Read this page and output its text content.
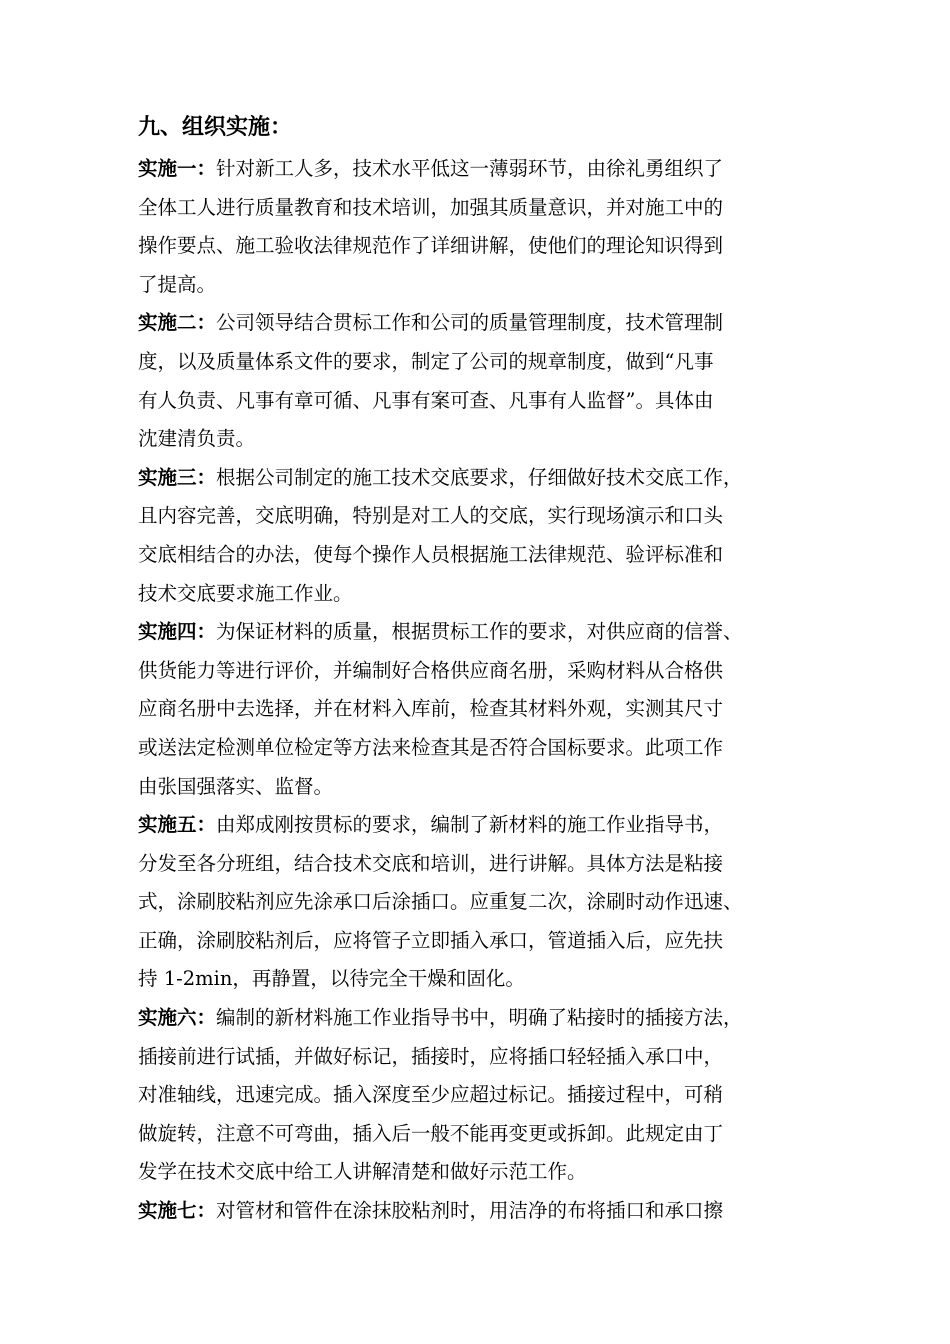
九、组织实施：

实施一：针对新工人多，技术水平低这一薄弱环节，由徐礼勇组织了
全体工人进行质量教育和技术培训，加强其质量意识，并对施工中的
操作要点、施工验收法律规范作了详细讲解，使他们的理论知识得到
了提高。

实施二：公司领导结合贯标工作和公司的质量管理制度，技术管理制
度，以及质量体系文件的要求，制定了公司的规章制度，做到“凡事
有人负责、凡事有章可循、凡事有案可查、凡事有人监督”。具体由
沈建清负责。

实施三：根据公司制定的施工技术交底要求，仔细做好技术交底工作，
且内容完善，交底明确，特别是对工人的交底，实行现场演示和口头
交底相结合的办法，使每个操作人员根据施工法律规范、验评标准和
技术交底要求施工作业。

实施四：为保证材料的质量，根据贯标工作的要求，对供应商的信誉、
供货能力等进行评价，并编制好合格供应商名册，采购材料从合格供
应商名册中去选择，并在材料入库前，检查其材料外观，实测其尺寸
或送法定检测单位检定等方法来检查其是否符合国标要求。此项工作
由张国强落实、监督。

实施五：由郑成刚按贯标的要求，编制了新材料的施工作业指导书，
分发至各分班组，结合技术交底和培训，进行讲解。具体方法是粘接
式，涂刷胶粘剂应先涂承口后涂插口。应重复二次，涂刷时动作迅速、
正确，涂刷胶粘剂后，应将管子立即插入承口，管道插入后，应先扶
持 1-2min，再静置，以待完全干燥和固化。

实施六：编制的新材料施工作业指导书中，明确了粘接时的插接方法，
插接前进行试插，并做好标记，插接时，应将插口轻轻插入承口中，
对准轴线，迅速完成。插入深度至少应超过标记。插接过程中，可稍
做旋转，注意不可弯曲，插入后一般不能再变更或拆卸。此规定由丁
发学在技术交底中给工人讲解清楚和做好示范工作。

实施七：对管材和管件在涂抹胶粘剂时，用洁净的布将插口和承口擦
